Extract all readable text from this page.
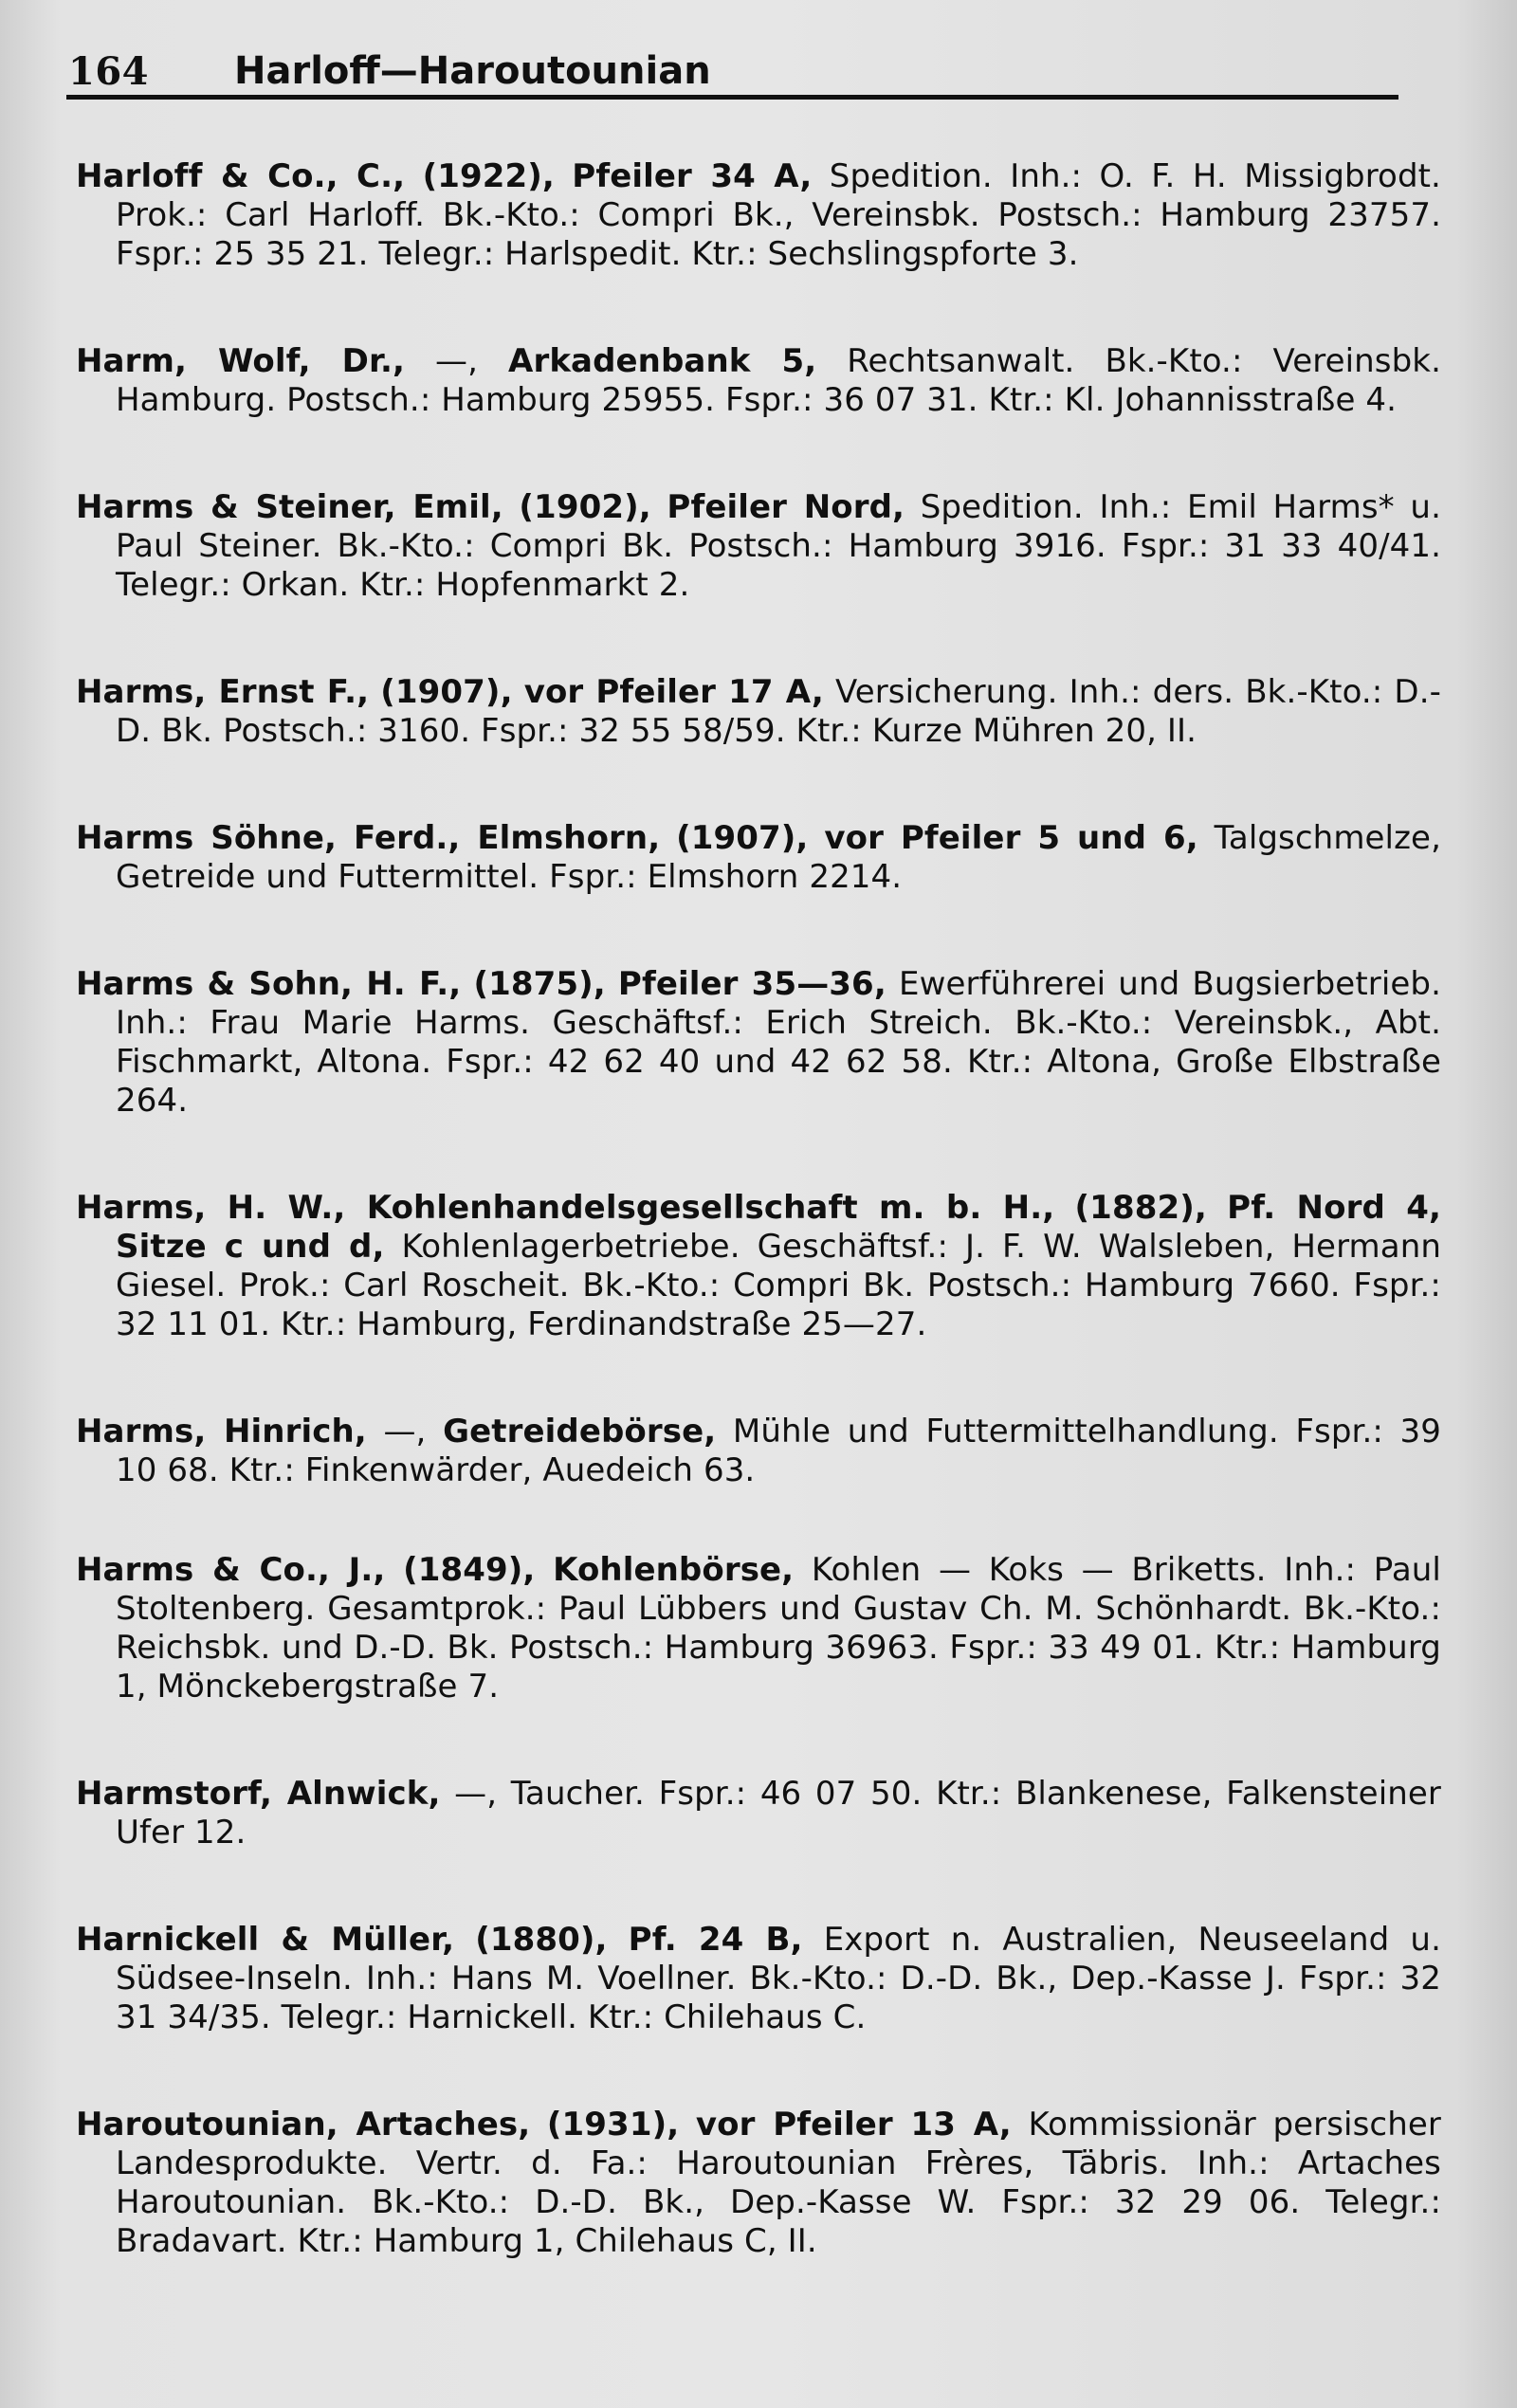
164 Harloff—Haroutounian

Harloff & Co., C., (1922), Pfeiler 34 A, Spedition. Inh.: O. F. H. Missigbrodt. Prok.: Carl Harloff. Bk.-Kto.: Compri Bk., Vereinsbk. Postsch.: Hamburg 23757. Fspr.: 25 35 21. Telegr.: Harlspedit. Ktr.: Sechslingspforte 3.

Harm, Wolf, Dr., —, Arkadenbank 5, Rechtsanwalt. Bk.-Kto.: Vereinsbk. Hamburg. Postsch.: Hamburg 25955. Fspr.: 36 07 31. Ktr.: Kl. Johannisstraße 4.

Harms & Steiner, Emil, (1902), Pfeiler Nord, Spedition. Inh.: Emil Harms* u. Paul Steiner. Bk.-Kto.: Compri Bk. Postsch.: Hamburg 3916. Fspr.: 31 33 40/41. Telegr.: Orkan. Ktr.: Hopfenmarkt 2.

Harms, Ernst F., (1907), vor Pfeiler 17 A, Versicherung. Inh.: ders. Bk.-Kto.: D.-D. Bk. Postsch.: 3160. Fspr.: 32 55 58/59. Ktr.: Kurze Mühren 20, II.

Harms Söhne, Ferd., Elmshorn, (1907), vor Pfeiler 5 und 6, Talgschmelze, Getreide und Futtermittel. Fspr.: Elmshorn 2214.

Harms & Sohn, H. F., (1875), Pfeiler 35—36, Ewerführerei und Bugsierbetrieb. Inh.: Frau Marie Harms. Geschäftsf.: Erich Streich. Bk.-Kto.: Vereinsbk., Abt. Fischmarkt, Altona. Fspr.: 42 62 40 und 42 62 58. Ktr.: Altona, Große Elbstraße 264.

Harms, H. W., Kohlenhandelsgesellschaft m. b. H., (1882), Pf. Nord 4, Sitze c und d, Kohlenlagerbetriebe. Geschäftsf.: J. F. W. Walsleben, Hermann Giesel. Prok.: Carl Roscheit. Bk.-Kto.: Compri Bk. Postsch.: Hamburg 7660. Fspr.: 32 11 01. Ktr.: Hamburg, Ferdinandstraße 25—27.

Harms, Hinrich, —, Getreidebörse, Mühle und Futtermittelhandlung. Fspr.: 39 10 68. Ktr.: Finkenwärder, Auedeich 63.

Harms & Co., J., (1849), Kohlenbörse, Kohlen — Koks — Briketts. Inh.: Paul Stoltenberg. Gesamtprok.: Paul Lübbers und Gustav Ch. M. Schönhardt. Bk.-Kto.: Reichsbk. und D.-D. Bk. Postsch.: Hamburg 36963. Fspr.: 33 49 01. Ktr.: Hamburg 1, Mönckebergstraße 7.

Harmstorf, Alnwick, —, Taucher. Fspr.: 46 07 50. Ktr.: Blankenese, Falkensteiner Ufer 12.

Harnickell & Müller, (1880), Pf. 24 B, Export n. Australien, Neuseeland u. Südsee-Inseln. Inh.: Hans M. Voellner. Bk.-Kto.: D.-D. Bk., Dep.-Kasse J. Fspr.: 32 31 34/35. Telegr.: Harnickell. Ktr.: Chilehaus C.

Haroutounian, Artaches, (1931), vor Pfeiler 13 A, Kommissionär persischer Landesprodukte. Vertr. d. Fa.: Haroutounian Frères, Täbris. Inh.: Artaches Haroutounian. Bk.-Kto.: D.-D. Bk., Dep.-Kasse W. Fspr.: 32 29 06. Telegr.: Bradavart. Ktr.: Hamburg 1, Chilehaus C, II.
